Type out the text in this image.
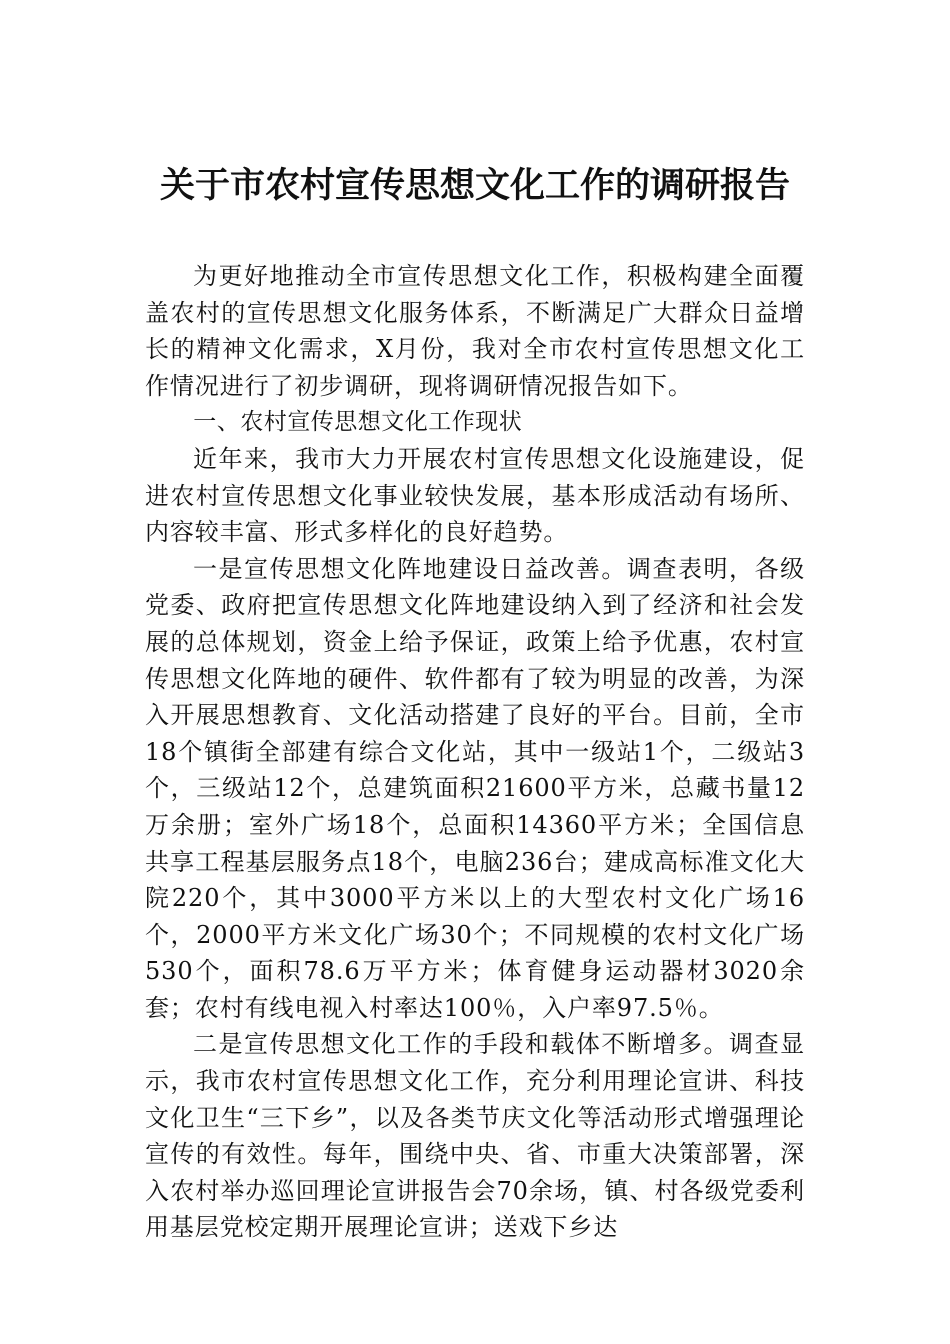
关于市农村宣传思想文化工作的调研报告

为更好地推动全市宣传思想文化工作，积极构建全面覆盖农村的宣传思想文化服务体系，不断满足广大群众日益增长的精神文化需求，X月份，我对全市农村宣传思想文化工作情况进行了初步调研，现将调研情况报告如下。

一、农村宣传思想文化工作现状

近年来，我市大力开展农村宣传思想文化设施建设，促进农村宣传思想文化事业较快发展，基本形成活动有场所、内容较丰富、形式多样化的良好趋势。

一是宣传思想文化阵地建设日益改善。调查表明，各级党委、政府把宣传思想文化阵地建设纳入到了经济和社会发展的总体规划，资金上给予保证，政策上给予优惠，农村宣传思想文化阵地的硬件、软件都有了较为明显的改善，为深入开展思想教育、文化活动搭建了良好的平台。目前，全市18个镇街全部建有综合文化站，其中一级站1个，二级站3个，三级站12个，总建筑面积21600平方米，总藏书量12万余册；室外广场18个，总面积14360平方米；全国信息共享工程基层服务点18个，电脑236台；建成高标准文化大院220个，其中3000平方米以上的大型农村文化广场16个，2000平方米文化广场30个；不同规模的农村文化广场530个，面积78.6万平方米；体育健身运动器材3020余套；农村有线电视入村率达100％，入户率97.5％。

二是宣传思想文化工作的手段和载体不断增多。调查显示，我市农村宣传思想文化工作，充分利用理论宣讲、科技文化卫生“三下乡”，以及各类节庆文化等活动形式增强理论宣传的有效性。每年，围绕中央、省、市重大决策部署，深入农村举办巡回理论宣讲报告会70余场，镇、村各级党委利用基层党校定期开展理论宣讲；送戏下乡达
